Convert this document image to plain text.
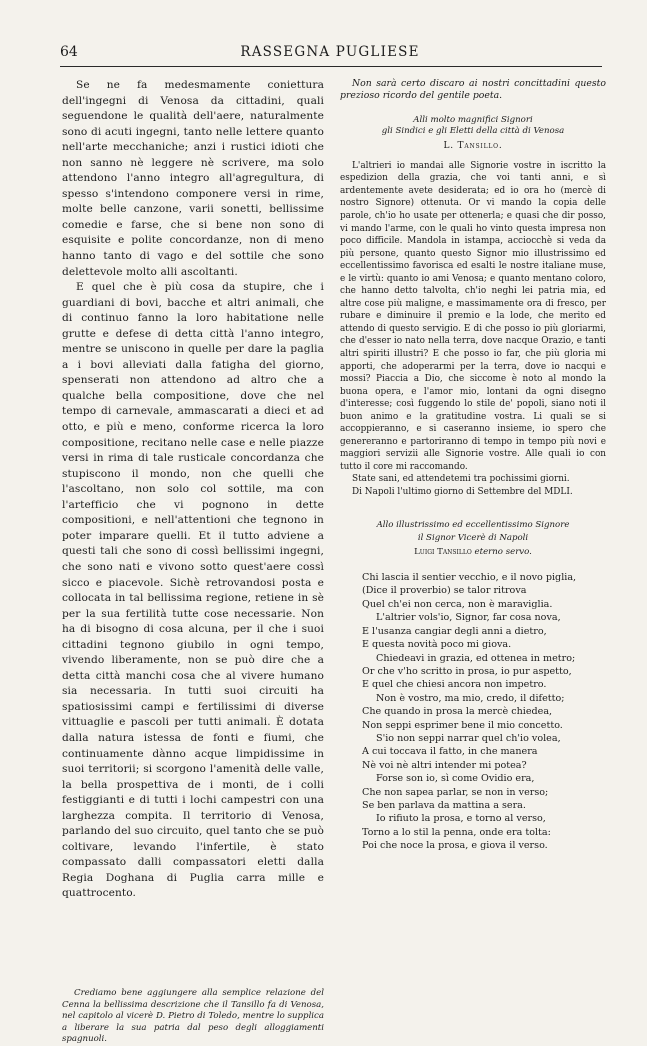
64	RASSEGNA PUGLIESE

Se ne fa medesmamente coniettura dell'ingegni di Venosa da cittadini, quali seguendone le qualità dell'aere, naturalmente sono di acuti ingegni, tanto nelle lettere quanto nell'arte mecchaniche; anzi i rustici idioti che non sanno nè leggere nè scrivere, ma solo attendono l'anno integro all'agregultura, di spesso s'intendono componere versi in rime, molte belle canzone, varii sonetti, bellissime comedie e farse, che si bene non sono di esquisite e polite concordanze, non di meno hanno tanto di vago e del sottile che sono delettevole molto alli ascoltanti.

E quel che è più cosa da stupire, che i guardiani di bovi, bacche et altri animali, che di continuo fanno la loro habitatione nelle grutte e defese di detta città l'anno integro, mentre se uniscono in quelle per dare la paglia a i bovi alleviati dalla fatigha del giorno, spenserati non attendono ad altro che a qualche bella compositione, dove che nel tempo di carnevale, ammascarati a dieci et ad otto, e più e meno, conforme ricerca la loro compositione, recitano nelle case e nelle piazze versi in rima di tale rusticale concordanza che stupiscono il mondo, non che quelli che l'ascoltano, non solo col sottile, ma con l'artefficio che vi pognono in dette compositioni, e nell'attentioni che tegnono in poter imparare quelli. Et il tutto adviene a questi tali che sono di cossì bellissimi ingegni, che sono nati e vivono sotto quest'aere cossì sicco e piacevole. Sichè retrovandosi posta e collocata in tal bellissima regione, retiene in sè per la sua fertilità tutte cose necessarie. Non ha di bisogno di cosa alcuna, per il che i suoi cittadini tegnono giubilo in ogni tempo, vivendo liberamente, non se può dire che a detta città manchi cosa che al vivere humano sia necessaria. In tutti suoi circuiti ha spatiosissimi campi e fertilissimi di diverse vittuaglie e pascoli per tutti animali. È dotata dalla natura istessa de fonti e fiumi, che continuamente dànno acque limpidissime in suoi territorii; si scorgono l'amenità delle valle, la bella prospettiva de i monti, de i colli festiggianti e di tutti i lochi campestri con una larghezza compita. Il territorio di Venosa, parlando del suo circuito, quel tanto che se può coltivare, levando l'infertile, è stato compassato dalli compassatori eletti dalla Regia Doghana di Puglia carra mille e quattrocento.

Crediamo bene aggiungere alla semplice relazione del Cenna la bellissima descrizione che il Tansillo fa di Venosa, nel capitolo al vicerè D. Pietro di Toledo, mentre lo supplica a liberare la sua patria dal peso degli alloggiamenti spagnuoli.

Non sarà certo discaro ai nostri concittadini questo prezioso ricordo del gentile poeta.

Alli molto magnifici Signori

gli Sindici e gli Eletti della città di Venosa

L. Tansillo.

L'altrieri io mandai alle Signorie vostre in iscritto la espedizion della grazia, che voi tanti anni, e sì ardentemente avete desiderata; ed io ora ho (mercè di nostro Signore) ottenuta. Or vi mando la copia delle parole, ch'io ho usate per ottenerla; e quasi che dir posso, vi mando l'arme, con le quali ho vinto questa impresa non poco difficile. Mandola in istampa, acciocchè si veda da più persone, quanto questo Signor mio illustrissimo ed eccellentissimo favorisca ed esalti le nostre italiane muse, e le virtù: quanto io ami Venosa; e quanto mentano coloro, che hanno detto talvolta, ch'io neghi lei patria mia, ed altre cose più maligne, e massimamente ora di fresco, per rubare e diminuire il premio e la lode, che merito ed attendo di questo servigio. E di che posso io più gloriarmi, che d'esser io nato nella terra, dove nacque Orazio, e tanti altri spiriti illustri? E che posso io far, che più gloria mi apporti, che adoperarmi per la terra, dove io nacqui e mossi? Piaccia a Dio, che siccome è noto al mondo la buona opera, e l'amor mio, lontani da ogni disegno d'interesse; così fuggendo lo stile de' popoli, siano noti il buon animo e la gratitudine vostra. Li quali se si accoppieranno, e si caseranno insieme, io spero che genereranno e partoriranno di tempo in tempo più novi e maggiori servizii alle Signorie vostre. Alle quali io con tutto il core mi raccomando.

State sani, ed attendetemi tra pochissimi giorni.

Di Napoli l'ultimo giorno di Settembre del MDLI.

Allo illustrissimo ed eccellentissimo Signore

il Signor Vicerè di Napoli

Luigi Tansillo eterno servo.

Chi lascia il sentier vecchio, e il novo piglia,
(Dice il proverbio) se talor ritrova
Quel ch'ei non cerca, non è maraviglia.
L'altrier vols'io, Signor, far cosa nova,
E l'usanza cangiar degli anni a dietro,
E questa novità poco mi giova.
Chiedeavi in grazia, ed ottenea in metro;
Or che v'ho scritto in prosa, io pur aspetto,
E quel che chiesi ancora non impetro.
Non è vostro, ma mio, credo, il difetto;
Che quando in prosa la mercè chiedea,
Non seppi esprimer bene il mio concetto.
S'io non seppi narrar quel ch'io volea,
A cui toccava il fatto, in che manera
Nè voi nè altri intender mi potea?
Forse son io, sì come Ovidio era,
Che non sapea parlar, se non in verso;
Se ben parlava da mattina a sera.
Io rifiuto la prosa, e torno al verso,
Torno a lo stil la penna, onde era tolta:
Poi che noce la prosa, e giova il verso.
